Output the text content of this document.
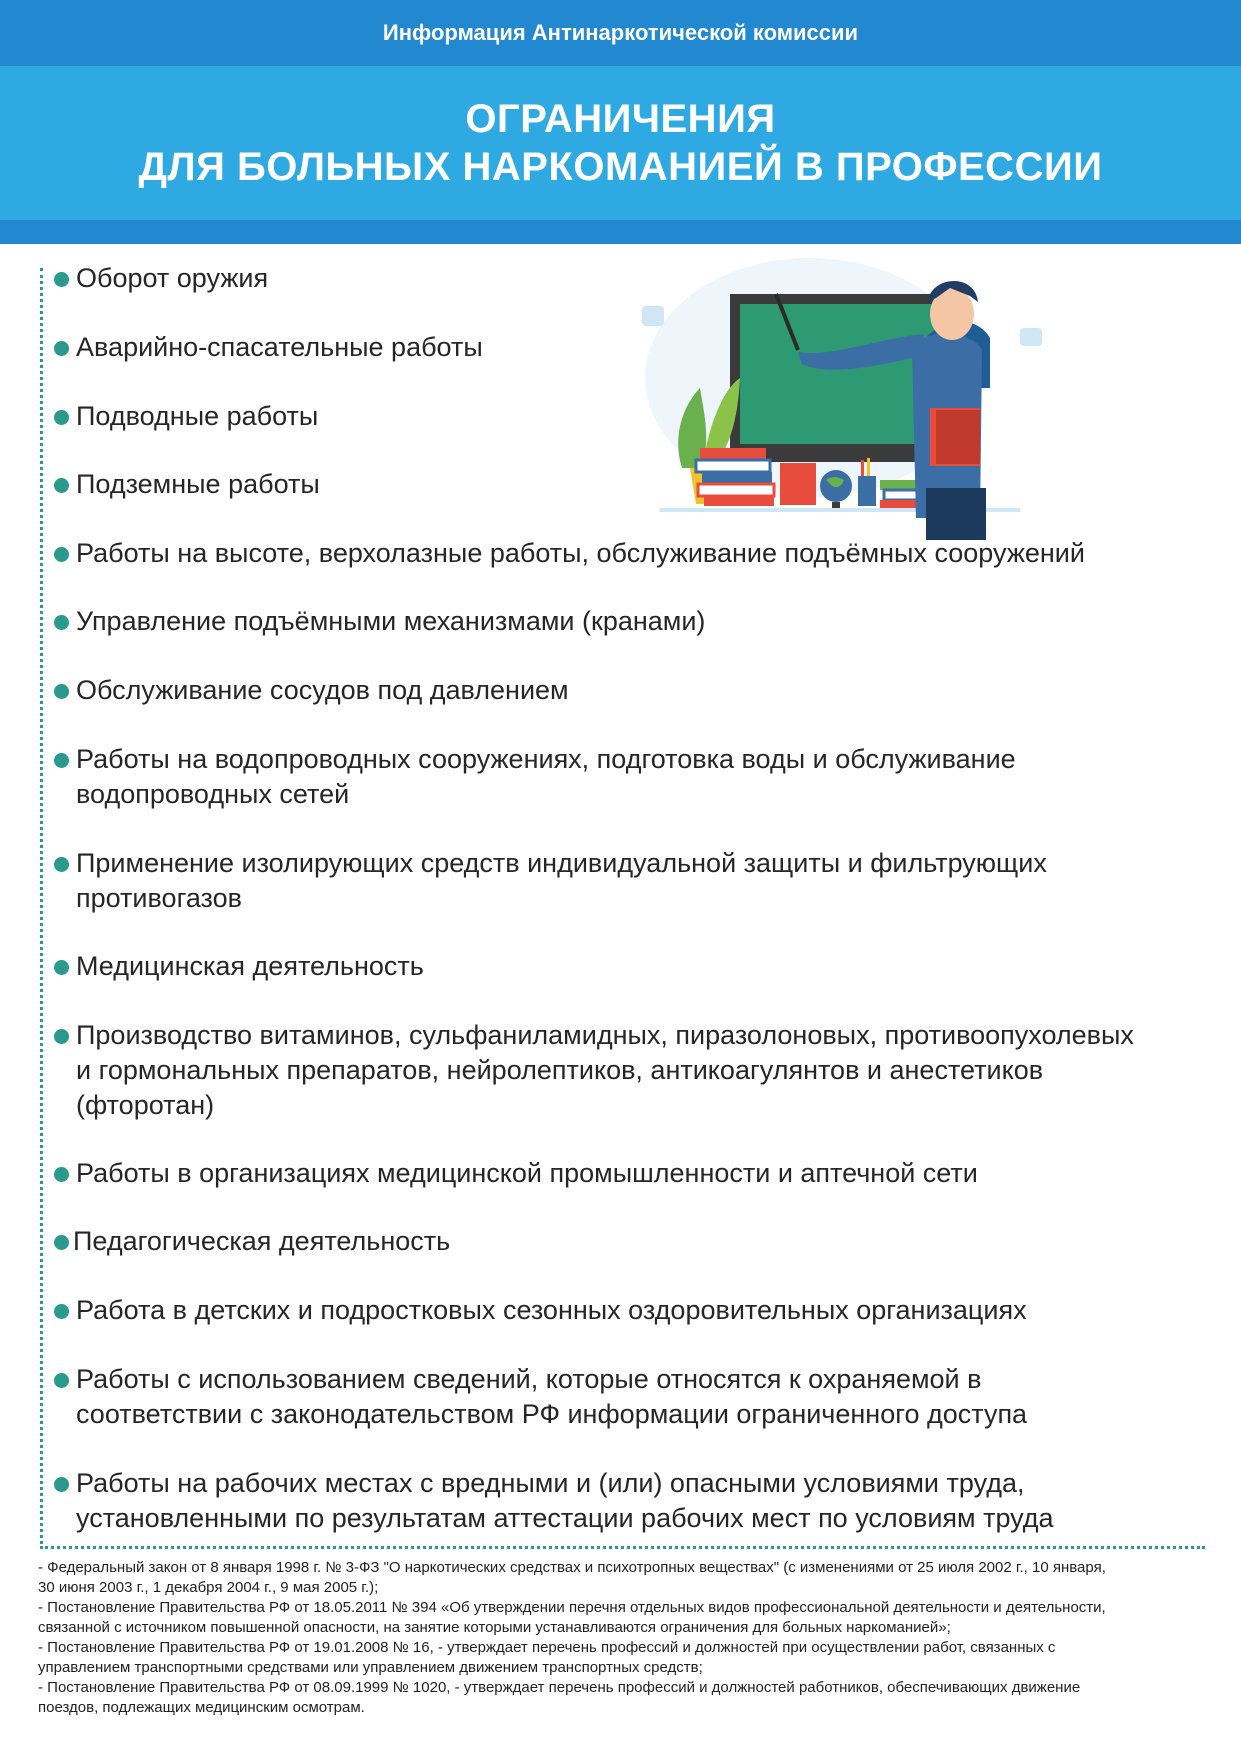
Информация Антинаркотической комиссии
ОГРАНИЧЕНИЯ
ДЛЯ БОЛЬНЫХ НАРКОМАНИЕЙ В ПРОФЕССИИ
Оборот оружия
Аварийно-спасательные работы
Подводные работы
Подземные работы
Работы на высоте, верхолазные работы, обслуживание подъёмных сооружений
Управление подъёмными механизмами (кранами)
Обслуживание сосудов под давлением
Работы на водопроводных сооружениях, подготовка воды и обслуживание
водопроводных сетей
Применение изолирующих средств индивидуальной защиты и фильтрующих
противогазов
Медицинская деятельность
Производство витаминов, сульфаниламидных, пиразолоновых, противоопухолевых
и гормональных препаратов, нейролептиков, антикоагулянтов и анестетиков
(фторотан)
Работы в организациях медицинской промышленности и аптечной сети
Педагогическая деятельность
Работа в детских и подростковых сезонных оздоровительных организациях
Работы с использованием сведений, которые относятся к охраняемой в
соответствии с законодательством РФ информации ограниченного доступа
Работы на рабочих местах с вредными и (или) опасными условиями труда,
установленными по результатам аттестации рабочих мест по условиям труда

- Федеральный закон от 8 января 1998 г. № 3-ФЗ "О наркотических средствах и психотропных веществах" (с изменениями от 25 июля 2002 г., 10 января,
30 июня 2003 г., 1 декабря 2004 г., 9 мая 2005 г.);

- Постановление Правительства РФ от 18.05.2011 № 394 «Об утверждении перечня отдельных видов профессиональной деятельности и деятельности,
связанной с источником повышенной опасности, на занятие которыми устанавливаются ограничения для больных наркоманией»;

- Постановление Правительства РФ от 19.01.2008 № 16, - утверждает перечень профессий и должностей при осуществлении работ, связанных с
управлением транспортными средствами или управлением движением транспортных средств;

- Постановление Правительства РФ от 08.09.1999 № 1020, - утверждает перечень профессий и должностей работников, обеспечивающих движение
поездов, подлежащих медицинским осмотрам.
